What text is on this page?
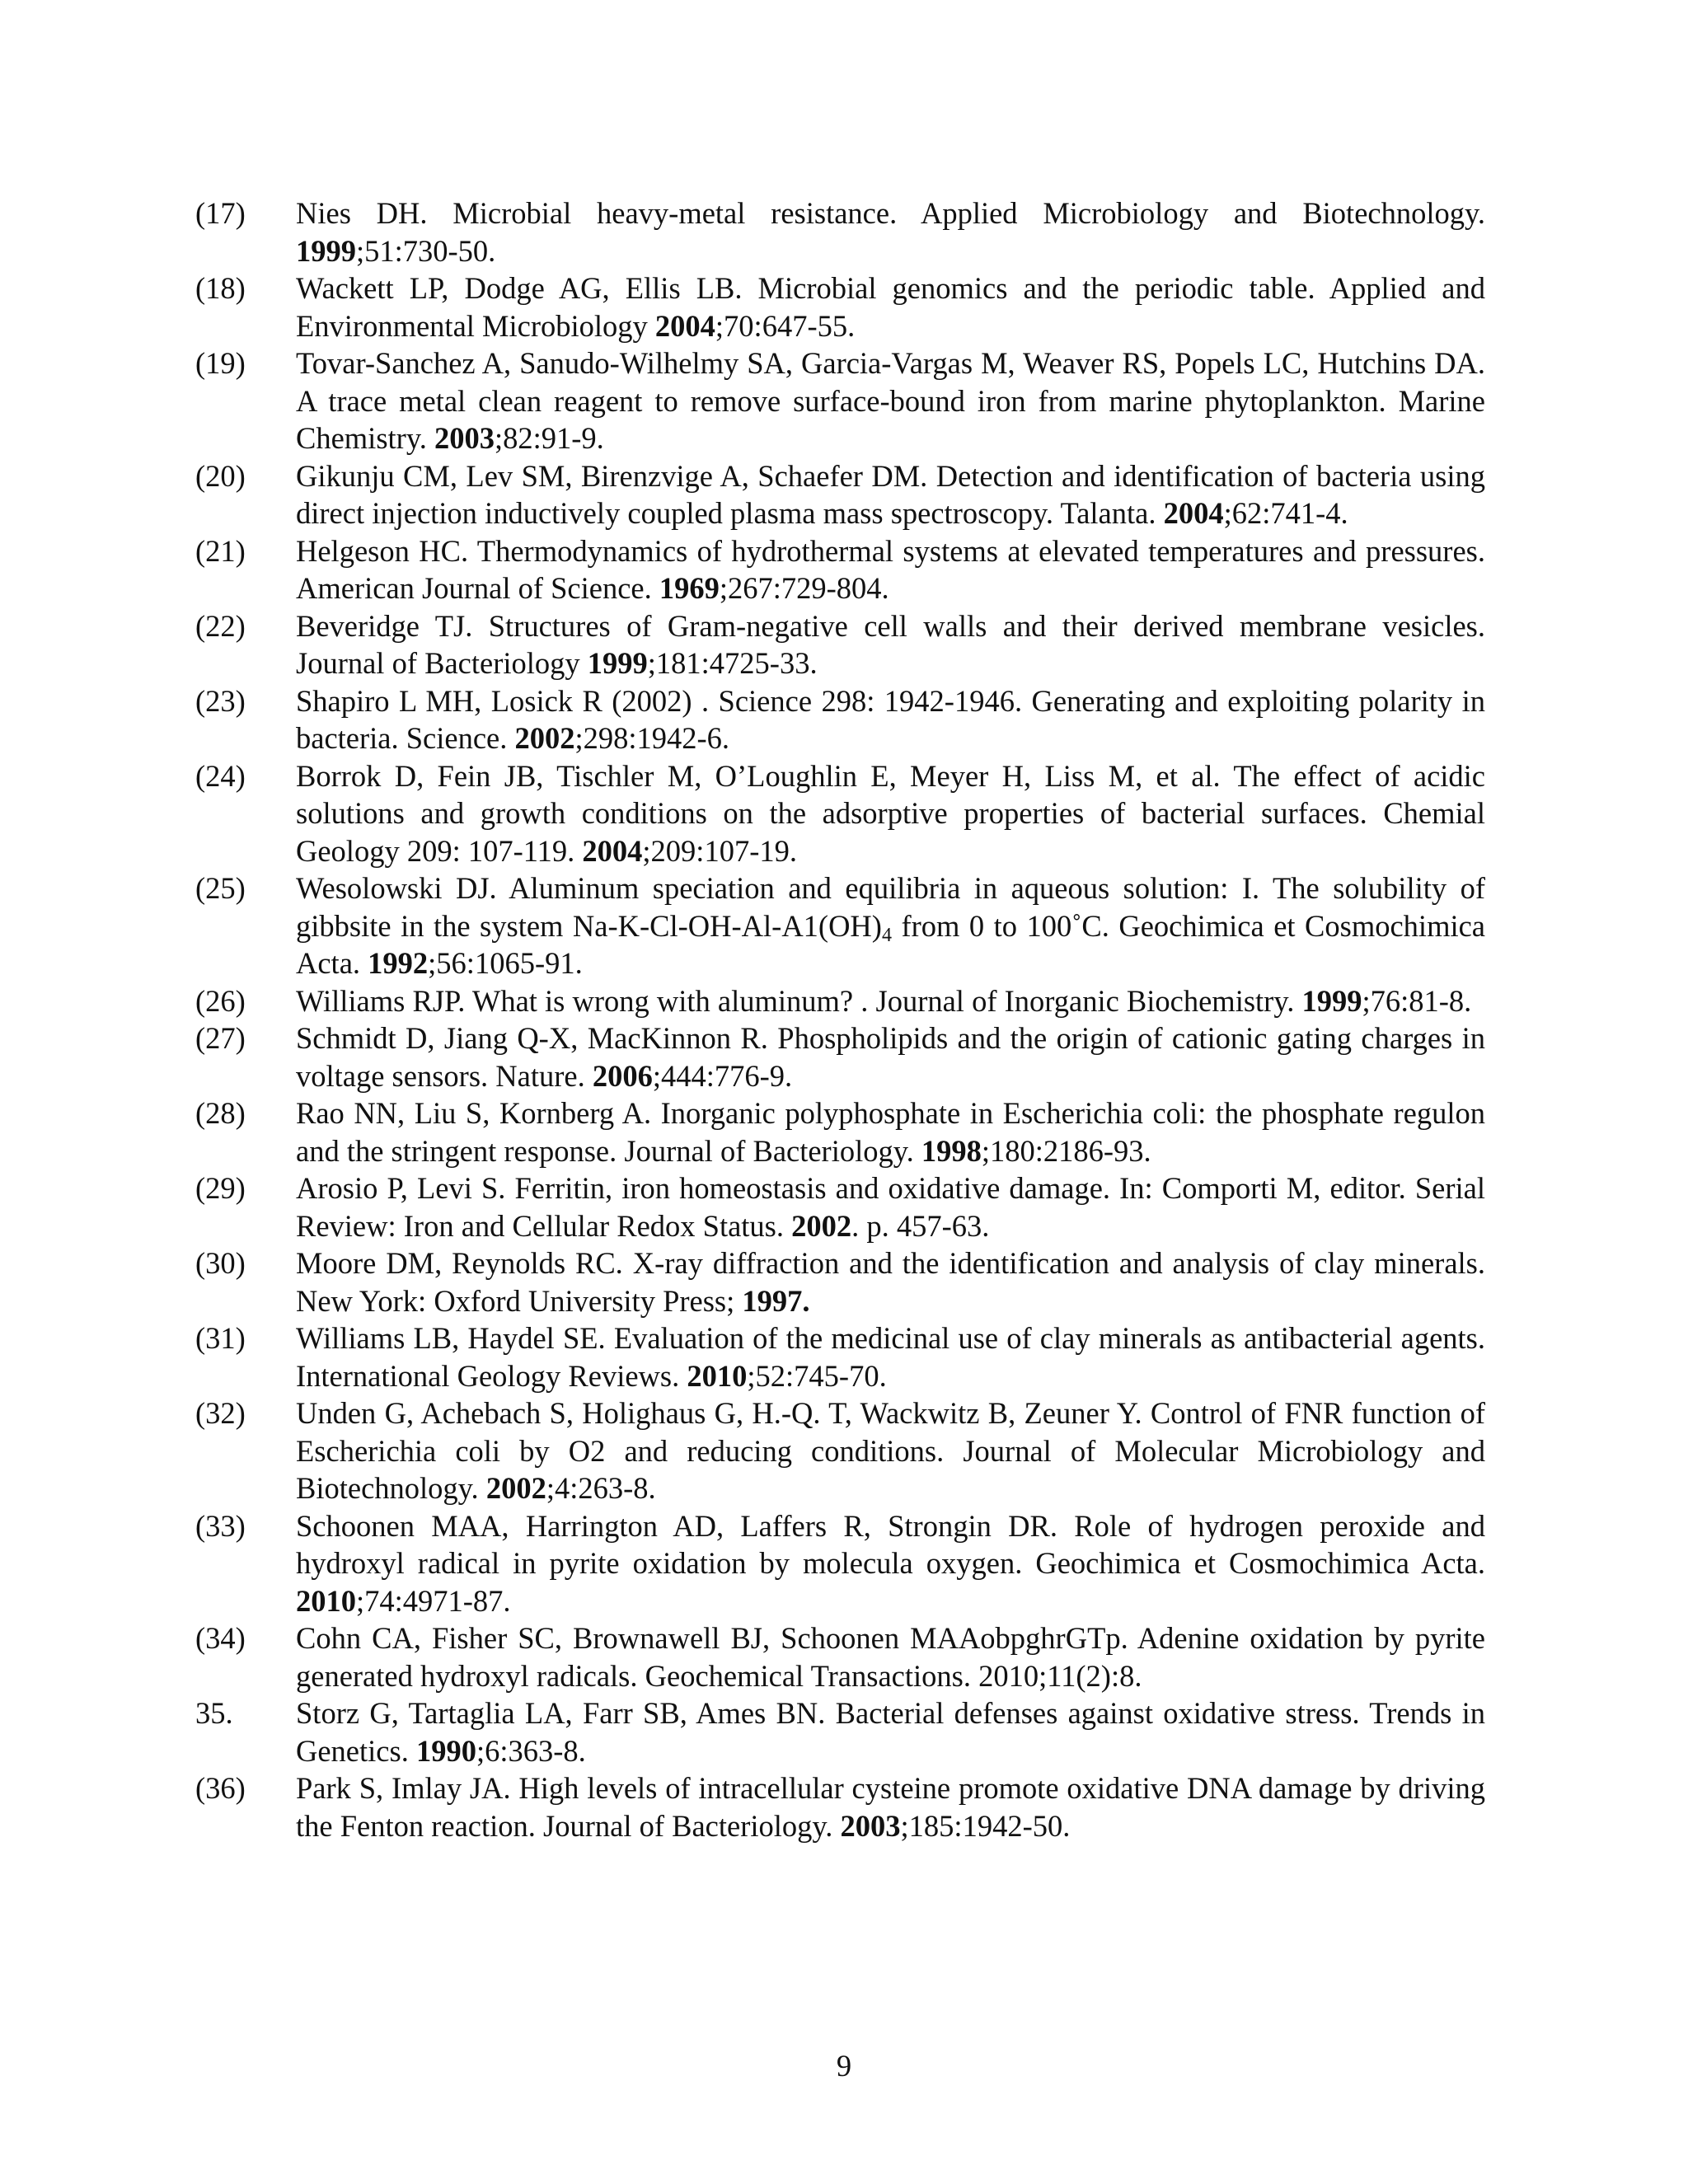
(17)	Nies DH. Microbial heavy-metal resistance. Applied Microbiology and Biotechnology. 1999;51:730-50.
(18)	Wackett LP, Dodge AG, Ellis LB. Microbial genomics and the periodic table. Applied and Environmental Microbiology 2004;70:647-55.
(19)	Tovar-Sanchez A, Sanudo-Wilhelmy SA, Garcia-Vargas M, Weaver RS, Popels LC, Hutchins DA. A trace metal clean reagent to remove surface-bound iron from marine phytoplankton. Marine Chemistry. 2003;82:91-9.
(20)	Gikunju CM, Lev SM, Birenzvige A, Schaefer DM. Detection and identification of bacteria using direct injection inductively coupled plasma mass spectroscopy. Talanta. 2004;62:741-4.
(21)	Helgeson HC. Thermodynamics of hydrothermal systems at elevated temperatures and pressures. American Journal of Science. 1969;267:729-804.
(22)	Beveridge TJ. Structures of Gram-negative cell walls and their derived membrane vesicles. Journal of Bacteriology 1999;181:4725-33.
(23)	Shapiro L MH, Losick R (2002) . Science 298: 1942-1946. Generating and exploiting polarity in bacteria. Science. 2002;298:1942-6.
(24)	Borrok D, Fein JB, Tischler M, O’Loughlin E, Meyer H, Liss M, et al. The effect of acidic solutions and growth conditions on the adsorptive properties of bacterial surfaces. Chemial Geology 209: 107-119. 2004;209:107-19.
(25)	Wesolowski DJ. Aluminum speciation and equilibria in aqueous solution: I. The solubility of gibbsite in the system $Na-K-Cl-OH-Al-A1(OH)_4$ from 0 to 100˚C. Geochimica et Cosmochimica Acta. 1992;56:1065-91.
(26)	Williams RJP. What is wrong with aluminum? . Journal of Inorganic Biochemistry. 1999;76:81-8.
(27)	Schmidt D, Jiang Q-X, MacKinnon R. Phospholipids and the origin of cationic gating charges in voltage sensors. Nature. 2006;444:776-9.
(28)	Rao NN, Liu S, Kornberg A. Inorganic polyphosphate in Escherichia coli: the phosphate regulon and the stringent response. Journal of Bacteriology. 1998;180:2186-93.
(29)	Arosio P, Levi S. Ferritin, iron homeostasis and oxidative damage. In: Comporti M, editor. Serial Review: Iron and Cellular Redox Status. 2002. p. 457-63.
(30)	Moore DM, Reynolds RC. X-ray diffraction and the identification and analysis of clay minerals. New York: Oxford University Press; 1997.
(31)	Williams LB, Haydel SE. Evaluation of the medicinal use of clay minerals as antibacterial agents. International Geology Reviews. 2010;52:745-70.
(32)	Unden G, Achebach S, Holighaus G, H.-Q. T, Wackwitz B, Zeuner Y. Control of FNR function of Escherichia coli by O2 and reducing conditions. Journal of Molecular Microbiology and Biotechnology. 2002;4:263-8.
(33)	Schoonen MAA, Harrington AD, Laffers R, Strongin DR. Role of hydrogen peroxide and hydroxyl radical in pyrite oxidation by molecula oxygen. Geochimica et Cosmochimica Acta. 2010;74:4971-87.
(34)	Cohn CA, Fisher SC, Brownawell BJ, Schoonen MAAobpghrGTp. Adenine oxidation by pyrite generated hydroxyl radicals. Geochemical Transactions. 2010;11(2):8.
35.	Storz G, Tartaglia LA, Farr SB, Ames BN. Bacterial defenses against oxidative stress. Trends in Genetics. 1990;6:363-8.
(36)	Park S, Imlay JA. High levels of intracellular cysteine promote oxidative DNA damage by driving the Fenton reaction. Journal of Bacteriology. 2003;185:1942-50.
9
